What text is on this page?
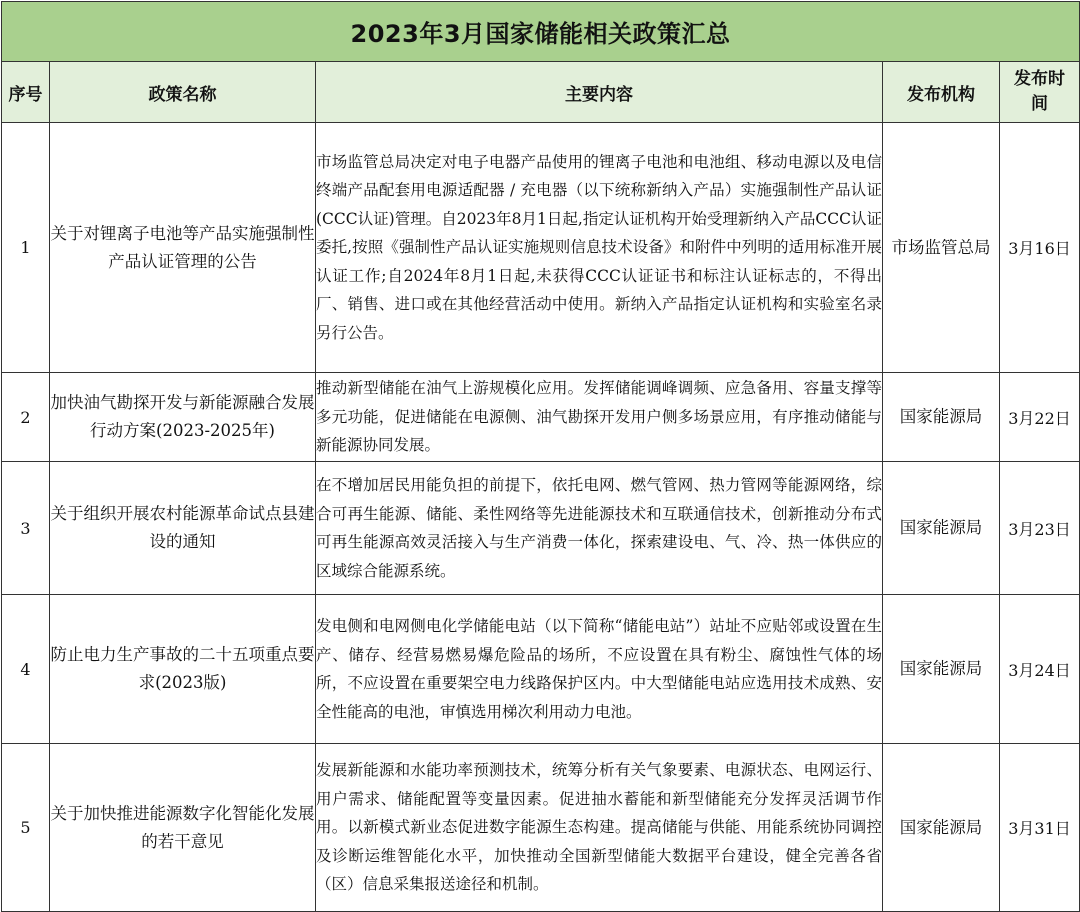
2023年3月国家储能相关政策汇总				
序号	政策名称	主要内容	发布机构	发布时间
1	关于对锂离子电池等产品实施强制性产品认证管理的公告	市场监管总局决定对电子电器产品使用的锂离子电池和电池组、移动电源以及电信终端产品配套用电源适配器 / 充电器（以下统称新纳入产品）实施强制性产品认证(CCC认证)管理。自2023年8月1日起,指定认证机构开始受理新纳入产品CCC认证委托,按照《强制性产品认证实施规则信息技术设备》和附件中列明的适用标准开展认证工作;自2024年8月1日起,未获得CCC认证证书和标注认证标志的，不得出厂、销售、进口或在其他经营活动中使用。新纳入产品指定认证机构和实验室名录另行公告。	市场监管总局	3月16日
2	加快油气勘探开发与新能源融合发展行动方案(2023-2025年)	推动新型储能在油气上游规模化应用。发挥储能调峰调频、应急备用、容量支撑等多元功能，促进储能在电源侧、油气勘探开发用户侧多场景应用，有序推动储能与新能源协同发展。	国家能源局	3月22日
3	关于组织开展农村能源革命试点县建设的通知	在不增加居民用能负担的前提下，依托电网、燃气管网、热力管网等能源网络，综合可再生能源、储能、柔性网络等先进能源技术和互联通信技术，创新推动分布式可再生能源高效灵活接入与生产消费一体化，探索建设电、气、冷、热一体供应的区域综合能源系统。	国家能源局	3月23日
4	防止电力生产事故的二十五项重点要求(2023版)	发电侧和电网侧电化学储能电站（以下简称“储能电站”）站址不应贴邻或设置在生产、储存、经营易燃易爆危险品的场所，不应设置在具有粉尘、腐蚀性气体的场所，不应设置在重要架空电力线路保护区内。中大型储能电站应选用技术成熟、安全性能高的电池，审慎选用梯次利用动力电池。	国家能源局	3月24日
5	关于加快推进能源数字化智能化发展的若干意见	发展新能源和水能功率预测技术，统筹分析有关气象要素、电源状态、电网运行、用户需求、储能配置等变量因素。促进抽水蓄能和新型储能充分发挥灵活调节作用。以新模式新业态促进数字能源生态构建。提高储能与供能、用能系统协同调控及诊断运维智能化水平，加快推动全国新型储能大数据平台建设，健全完善各省（区）信息采集报送途径和机制。	国家能源局	3月31日
